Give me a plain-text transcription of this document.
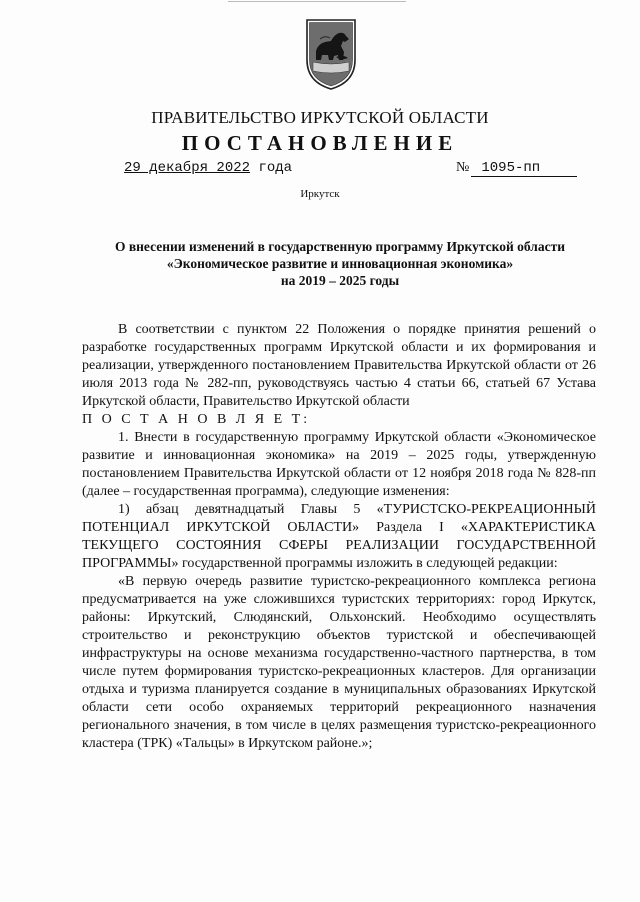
ПРАВИТЕЛЬСТВО ИРКУТСКОЙ ОБЛАСТИ
ПОСТАНОВЛЕНИЕ
29 декабря 2022 года	№ 1095-пп
Иркутск
О внесении изменений в государственную программу Иркутской области
«Экономическое развитие и инновационная экономика»
на 2019 – 2025 годы

В соответствии с пунктом 22 Положения о порядке принятия решений о разработке государственных программ Иркутской области и их формирования и реализации, утвержденного постановлением Правительства Иркутской области от 26 июля 2013 года № 282-пп, руководствуясь частью 4 статьи 66, статьей 67 Устава Иркутской области, Правительство Иркутской области

П О С Т А Н О В Л Я Е Т:

1. Внести в государственную программу Иркутской области «Экономическое развитие и инновационная экономика» на 2019 – 2025 годы, утвержденную постановлением Правительства Иркутской области от 12 ноября 2018 года № 828-пп (далее – государственная программа), следующие изменения:

1) абзац девятнадцатый Главы 5 «ТУРИСТСКО-РЕКРЕАЦИОННЫЙ ПОТЕНЦИАЛ ИРКУТСКОЙ ОБЛАСТИ» Раздела I «ХАРАКТЕРИСТИКА ТЕКУЩЕГО СОСТОЯНИЯ СФЕРЫ РЕАЛИЗАЦИИ ГОСУДАРСТВЕННОЙ ПРОГРАММЫ» государственной программы изложить в следующей редакции:

«В первую очередь развитие туристско-рекреационного комплекса региона предусматривается на уже сложившихся туристских территориях: город Иркутск, районы: Иркутский, Слюдянский, Ольхонский. Необходимо осуществлять строительство и реконструкцию объектов туристской и обеспечивающей инфраструктуры на основе механизма государственно-частного партнерства, в том числе путем формирования туристско-рекреационных кластеров. Для организации отдыха и туризма планируется создание в муниципальных образованиях Иркутской области сети особо охраняемых территорий рекреационного назначения регионального значения, в том числе в целях размещения туристско-рекреационного кластера (ТРК) «Тальцы» в Иркутском районе.»;
